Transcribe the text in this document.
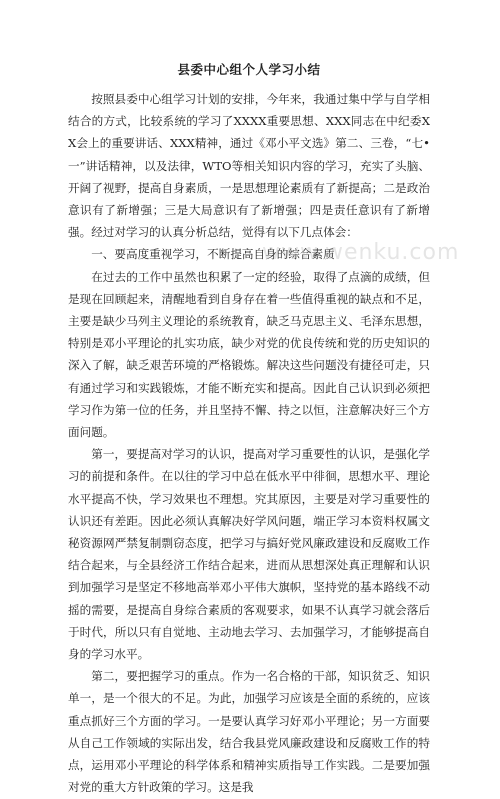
县委中心组个人学习小结

按照县委中心组学习计划的安排，今年来，我通过集中学与自学相结合的方式，比较系统的学习了XXXX重要思想、XXX同志在中纪委XX会上的重要讲话、XXX精神，通过《邓小平文选》第二、三卷，“七•一”讲话精神，以及法律，WTO等相关知识内容的学习，充实了头脑、开阔了视野，提高自身素质，一是思想理论素质有了新提高；二是政治意识有了新增强；三是大局意识有了新增强；四是责任意识有了新增强。经过对学习的认真分析总结，觉得有以下几点体会：

一、要高度重视学习，不断提高自身的综合素质

在过去的工作中虽然也积累了一定的经验，取得了点滴的成绩，但是现在回顾起来，清醒地看到自身存在着一些值得重视的缺点和不足，主要是缺少马列主义理论的系统教育，缺乏马克思主义、毛泽东思想，特别是邓小平理论的扎实功底，缺少对党的优良传统和党的历史知识的深入了解，缺乏艰苦环境的严格锻炼。解决这些问题没有捷径可走，只有通过学习和实践锻炼，才能不断充实和提高。因此自己认识到必须把学习作为第一位的任务，并且坚持不懈、持之以恒，注意解决好三个方面问题。

第一，要提高对学习的认识，提高对学习重要性的认识，是强化学习的前提和条件。在以往的学习中总在低水平中徘徊，思想水平、理论水平提高不快，学习效果也不理想。究其原因，主要是对学习重要性的认识还有差距。因此必须认真解决好学风问题，端正学习本资料权属文秘资源网严禁复制剽窃态度，把学习与搞好党风廉政建设和反腐败工作结合起来，与全县经济工作结合起来，进而从思想深处真正理解和认识到加强学习是坚定不移地高举邓小平伟大旗帜，坚持党的基本路线不动摇的需要，是提高自身综合素质的客观要求，如果不认真学习就会落后于时代，所以只有自觉地、主动地去学习、去加强学习，才能够提高自身的学习水平。

第二，要把握学习的重点。作为一名合格的干部，知识贫乏、知识单一，是一个很大的不足。为此，加强学习应该是全面的系统的，应该重点抓好三个方面的学习。一是要认真学习好邓小平理论；另一方面要从自己工作领域的实际出发，结合我县党风廉政建设和反腐败工作的特点，运用邓小平理论的科学体系和精神实质指导工作实践。二是要加强对党的重大方针政策的学习。这是我

www.wenku.com
